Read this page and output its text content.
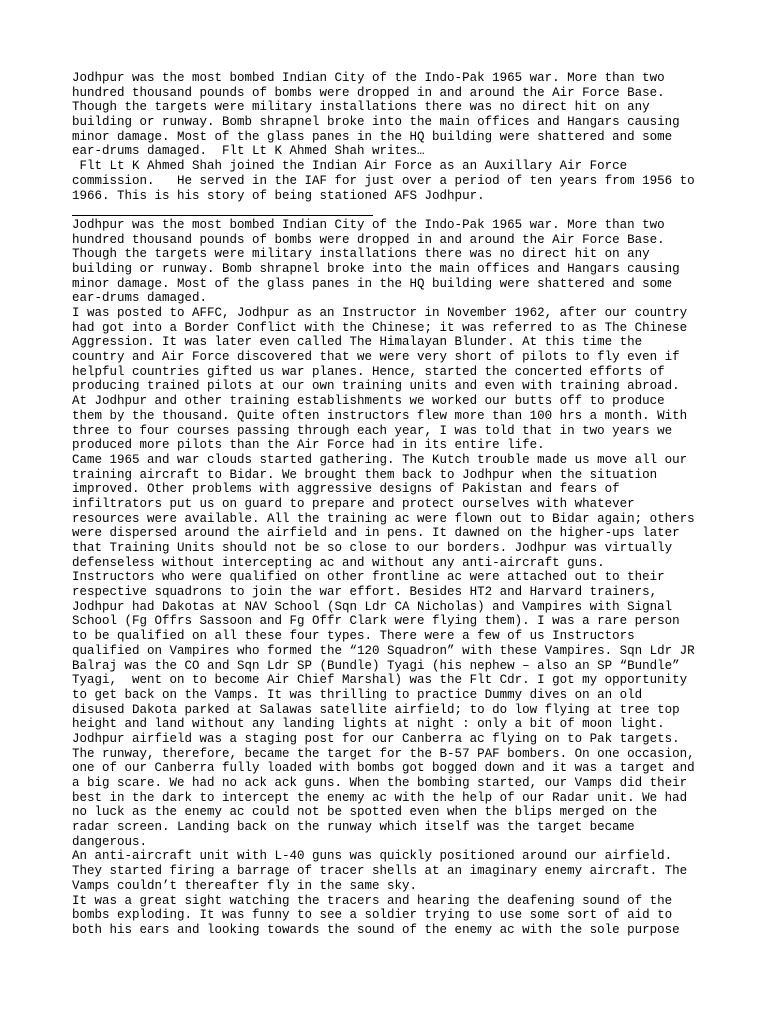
Jodhpur was the most bombed Indian City of the Indo-Pak 1965 war. More than two
hundred thousand pounds of bombs were dropped in and around the Air Force Base.
Though the targets were military installations there was no direct hit on any
building or runway. Bomb shrapnel broke into the main offices and Hangars causing
minor damage. Most of the glass panes in the HQ building were shattered and some
ear-drums damaged.  Flt Lt K Ahmed Shah writes…
Flt Lt K Ahmed Shah joined the Indian Air Force as an Auxillary Air Force
commission.   He served in the IAF for just over a period of ten years from 1956 to
1966. This is his story of being stationed AFS Jodhpur.
Jodhpur was the most bombed Indian City of the Indo-Pak 1965 war. More than two
hundred thousand pounds of bombs were dropped in and around the Air Force Base.
Though the targets were military installations there was no direct hit on any
building or runway. Bomb shrapnel broke into the main offices and Hangars causing
minor damage. Most of the glass panes in the HQ building were shattered and some
ear-drums damaged.
I was posted to AFFC, Jodhpur as an Instructor in November 1962, after our country
had got into a Border Conflict with the Chinese; it was referred to as The Chinese
Aggression. It was later even called The Himalayan Blunder. At this time the
country and Air Force discovered that we were very short of pilots to fly even if
helpful countries gifted us war planes. Hence, started the concerted efforts of
producing trained pilots at our own training units and even with training abroad.
At Jodhpur and other training establishments we worked our butts off to produce
them by the thousand. Quite often instructors flew more than 100 hrs a month. With
three to four courses passing through each year, I was told that in two years we
produced more pilots than the Air Force had in its entire life.
Came 1965 and war clouds started gathering. The Kutch trouble made us move all our
training aircraft to Bidar. We brought them back to Jodhpur when the situation
improved. Other problems with aggressive designs of Pakistan and fears of
infiltrators put us on guard to prepare and protect ourselves with whatever
resources were available. All the training ac were flown out to Bidar again; others
were dispersed around the airfield and in pens. It dawned on the higher-ups later
that Training Units should not be so close to our borders. Jodhpur was virtually
defenseless without intercepting ac and without any anti-aircraft guns.
Instructors who were qualified on other frontline ac were attached out to their
respective squadrons to join the war effort. Besides HT2 and Harvard trainers,
Jodhpur had Dakotas at NAV School (Sqn Ldr CA Nicholas) and Vampires with Signal
School (Fg Offrs Sassoon and Fg Offr Clark were flying them). I was a rare person
to be qualified on all these four types. There were a few of us Instructors
qualified on Vampires who formed the “120 Squadron” with these Vampires. Sqn Ldr JR
Balraj was the CO and Sqn Ldr SP (Bundle) Tyagi (his nephew – also an SP “Bundle”
Tyagi,  went on to become Air Chief Marshal) was the Flt Cdr. I got my opportunity
to get back on the Vamps. It was thrilling to practice Dummy dives on an old
disused Dakota parked at Salawas satellite airfield; to do low flying at tree top
height and land without any landing lights at night : only a bit of moon light.
Jodhpur airfield was a staging post for our Canberra ac flying on to Pak targets.
The runway, therefore, became the target for the B-57 PAF bombers. On one occasion,
one of our Canberra fully loaded with bombs got bogged down and it was a target and
a big scare. We had no ack ack guns. When the bombing started, our Vamps did their
best in the dark to intercept the enemy ac with the help of our Radar unit. We had
no luck as the enemy ac could not be spotted even when the blips merged on the
radar screen. Landing back on the runway which itself was the target became
dangerous.
An anti-aircraft unit with L-40 guns was quickly positioned around our airfield.
They started firing a barrage of tracer shells at an imaginary enemy aircraft. The
Vamps couldn’t thereafter fly in the same sky.
It was a great sight watching the tracers and hearing the deafening sound of the
bombs exploding. It was funny to see a soldier trying to use some sort of aid to
both his ears and looking towards the sound of the enemy ac with the sole purpose
